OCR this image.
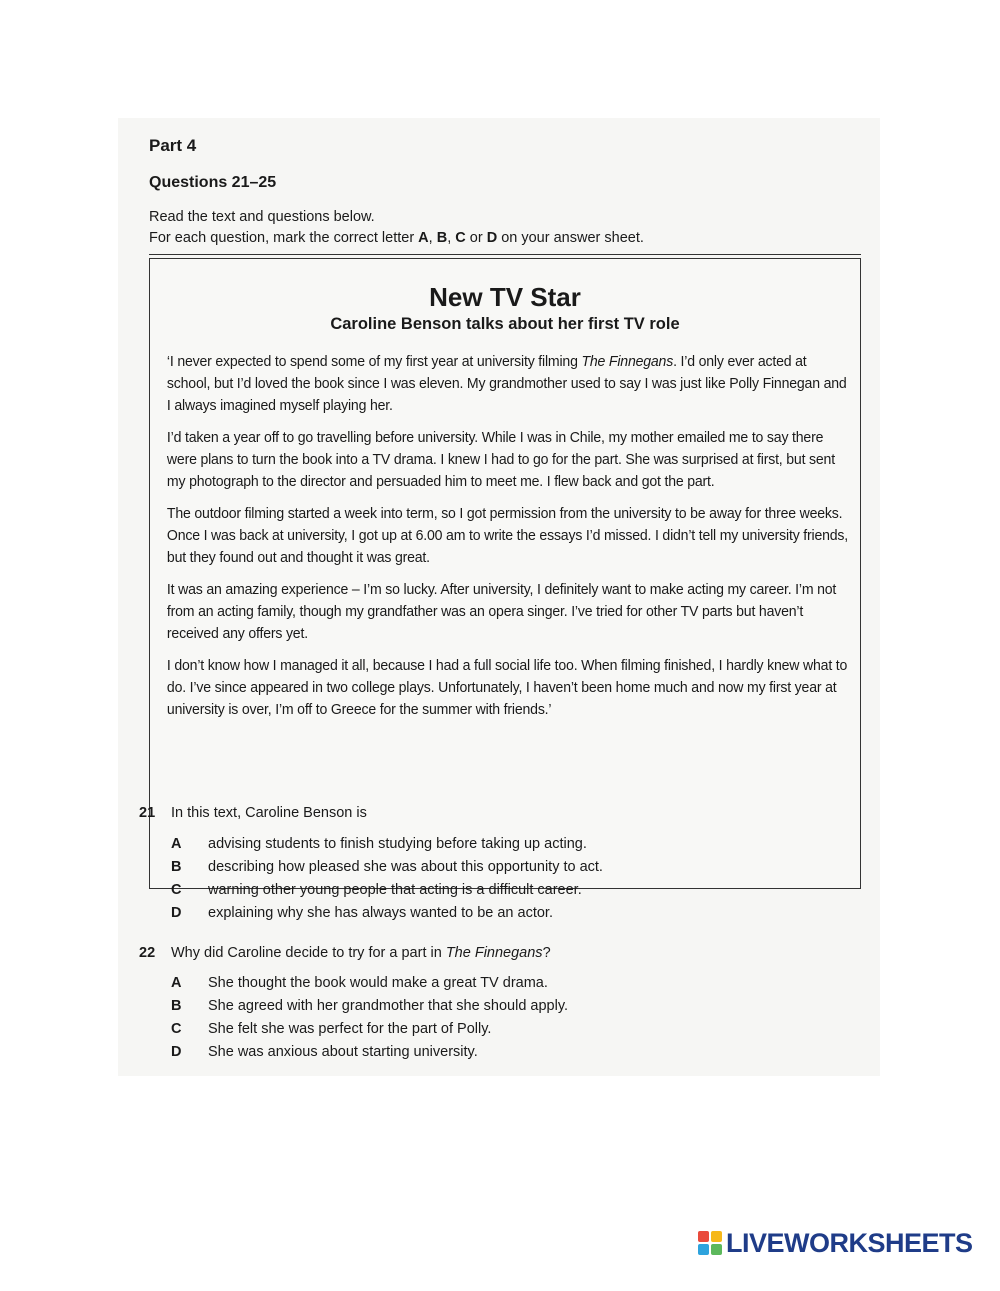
Part 4
Questions 21–25
Read the text and questions below.
For each question, mark the correct letter A, B, C or D on your answer sheet.
New TV Star
Caroline Benson talks about her first TV role

‘I never expected to spend some of my first year at university filming The Finnegans. I’d only ever acted at school, but I’d loved the book since I was eleven. My grandmother used to say I was just like Polly Finnegan and I always imagined myself playing her.

I’d taken a year off to go travelling before university. While I was in Chile, my mother emailed me to say there were plans to turn the book into a TV drama. I knew I had to go for the part. She was surprised at first, but sent my photograph to the director and persuaded him to meet me. I flew back and got the part.

The outdoor filming started a week into term, so I got permission from the university to be away for three weeks. Once I was back at university, I got up at 6.00 am to write the essays I’d missed. I didn’t tell my university friends, but they found out and thought it was great.

It was an amazing experience – I’m so lucky. After university, I definitely want to make acting my career. I’m not from an acting family, though my grandfather was an opera singer. I’ve tried for other TV parts but haven’t received any offers yet.

I don’t know how I managed it all, because I had a full social life too. When filming finished, I hardly knew what to do. I’ve since appeared in two college plays. Unfortunately, I haven’t been home much and now my first year at university is over, I’m off to Greece for the summer with friends.’

21 In this text, Caroline Benson is
A advising students to finish studying before taking up acting.
B describing how pleased she was about this opportunity to act.
C warning other young people that acting is a difficult career.
D explaining why she has always wanted to be an actor.
22 Why did Caroline decide to try for a part in The Finnegans?
A She thought the book would make a great TV drama.
B She agreed with her grandmother that she should apply.
C She felt she was perfect for the part of Polly.
D She was anxious about starting university.
LIVEWORKSHEETS
